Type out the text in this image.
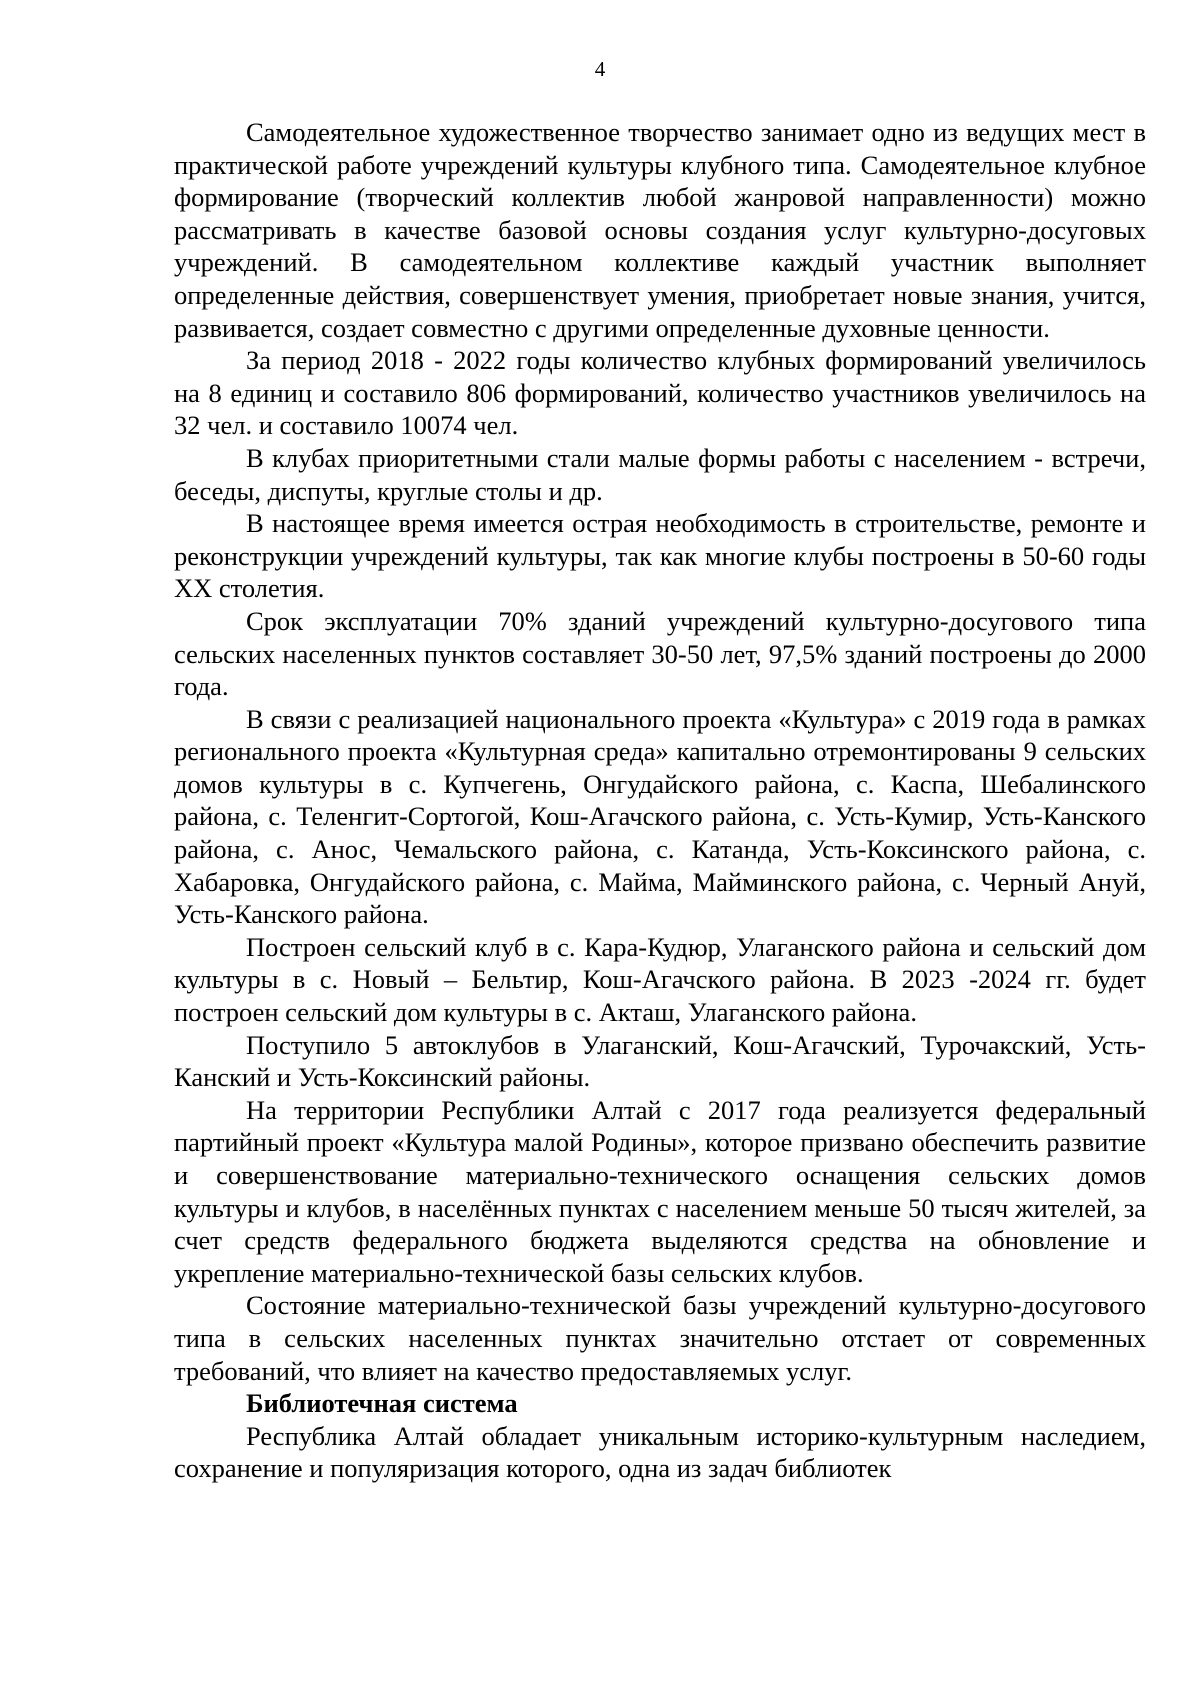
4

Самодеятельное художественное творчество занимает одно из ведущих мест в практической работе учреждений культуры клубного типа. Самодеятельное клубное формирование (творческий коллектив любой жанровой направленности) можно рассматривать в качестве базовой основы создания услуг культурно-досуговых учреждений. В самодеятельном коллективе каждый участник выполняет определенные действия, совершенствует умения, приобретает новые знания, учится, развивается, создает совместно с другими определенные духовные ценности.

За период 2018 - 2022 годы количество клубных формирований увеличилось на 8 единиц и составило 806 формирований, количество участников увеличилось на 32 чел. и составило 10074 чел.

В клубах приоритетными стали малые формы работы с населением - встречи, беседы, диспуты, круглые столы и др.

В настоящее время имеется острая необходимость в строительстве, ремонте и реконструкции учреждений культуры, так как многие клубы построены в 50-60 годы XX столетия.

Срок эксплуатации 70% зданий учреждений культурно-досугового типа сельских населенных пунктов составляет 30-50 лет, 97,5% зданий построены до 2000 года.

В связи с реализацией национального проекта «Культура» с 2019 года в рамках регионального проекта «Культурная среда» капитально отремонтированы 9 сельских домов культуры в с. Купчегень, Онгудайского района, с. Каспа, Шебалинского района, с. Теленгит-Сортогой, Кош-Агачского района, с. Усть-Кумир, Усть-Канского района, с. Анос, Чемальского района, с. Катанда, Усть-Коксинского района, с. Хабаровка, Онгудайского района, с. Майма, Майминского района, с. Черный Ануй, Усть-Канского района.

Построен сельский клуб в с. Кара-Кудюр, Улаганского района и сельский дом культуры в с. Новый – Бельтир, Кош-Агачского района. В 2023 -2024 гг. будет построен сельский дом культуры в с. Акташ, Улаганского района.

Поступило 5 автоклубов в Улаганский, Кош-Агачский, Турочакский, Усть-Канский и Усть-Коксинский районы.

На территории Республики Алтай с 2017 года реализуется федеральный партийный проект «Культура малой Родины», которое призвано обеспечить развитие и совершенствование материально-технического оснащения сельских домов культуры и клубов, в населённых пунктах с населением меньше 50 тысяч жителей, за счет средств федерального бюджета выделяются средства на обновление и укрепление материально-технической базы сельских клубов.

Состояние материально-технической базы учреждений культурно-досугового типа в сельских населенных пунктах значительно отстает от современных требований, что влияет на качество предоставляемых услуг.

Библиотечная система

Республика Алтай обладает уникальным историко-культурным наследием, сохранение и популяризация которого, одна из задач библиотек
